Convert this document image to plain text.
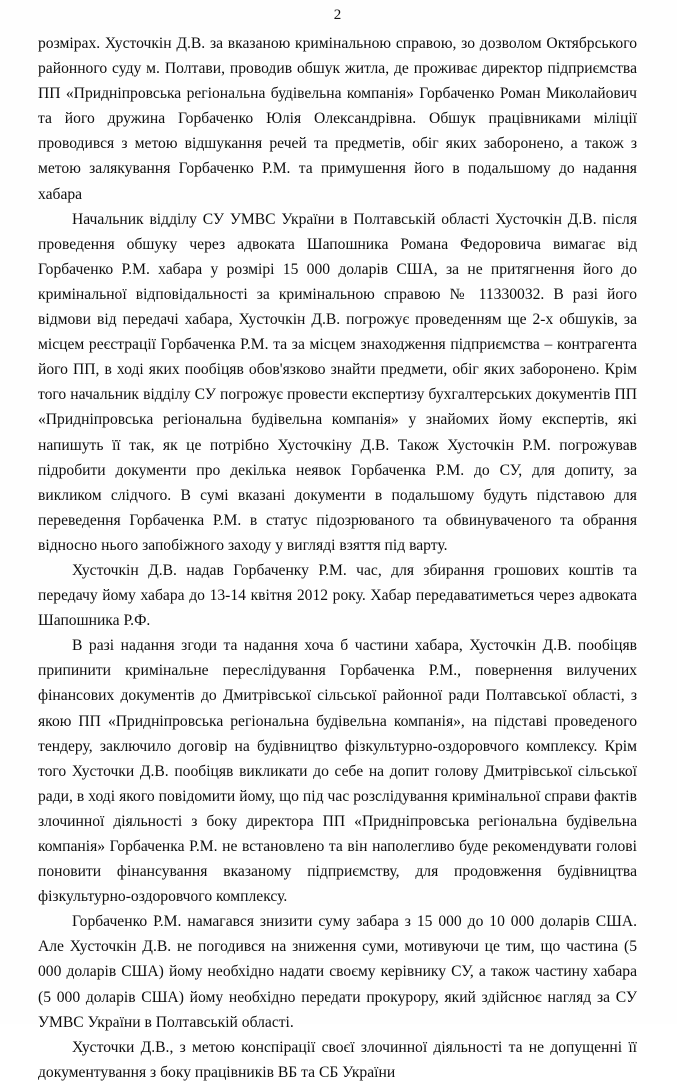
2

розмірах. Хусточкін Д.В. за вказаною кримінальною справою, зо дозволом Октябрського районного суду м. Полтави, проводив обшук житла, де проживає директор підприємства ПП «Придніпровська регіональна будівельна компанія» Горбаченко Роман Миколайович та його дружина Горбаченко Юлія Олександрівна. Обшук працівниками міліції проводився з метою відшукання речей та предметів, обіг яких заборонено, а також з метою залякування Горбаченко Р.М. та примушення його в подальшому до надання хабара

Начальник відділу СУ УМВС України в Полтавській області Хусточкін Д.В. після проведення обшуку через адвоката Шапошника Романа Федоровича вимагає від Горбаченко Р.М. хабара у розмірі 15 000 доларів США, за не притягнення його до кримінальної відповідальності за кримінальною справою № 11330032. В разі його відмови від передачі хабара, Хусточкін Д.В. погрожує проведенням ще 2-х обшуків, за місцем реєстрації Горбаченка Р.М. та за місцем знаходження підприємства – контрагента його ПП, в ході яких пообіцяв обов'язково знайти предмети, обіг яких заборонено. Крім того начальник відділу СУ погрожує провести експертизу бухгалтерських документів ПП «Придніпровська регіональна будівельна компанія» у знайомих йому експертів, які напишуть її так, як це потрібно Хусточкіну Д.В. Також Хусточкін Р.М. погрожував підробити документи про декілька неявок Горбаченка Р.М. до СУ, для допиту, за викликом слідчого. В сумі вказані документи в подальшому будуть підставою для переведення Горбаченка Р.М. в статус підозрюваного та обвинуваченого та обрання відносно нього запобіжного заходу у вигляді взяття під варту.

Хусточкін Д.В. надав Горбаченку Р.М. час, для збирання грошових коштів та передачу йому хабара до 13-14 квітня 2012 року. Хабар передаватиметься через адвоката Шапошника Р.Ф.

В разі надання згоди та надання хоча б частини хабара, Хусточкін Д.В. пообіцяв припинити кримінальне переслідування Горбаченка Р.М., повернення вилучених фінансових документів до Дмитрівської сільської районної ради Полтавської області, з якою ПП «Придніпровська регіональна будівельна компанія», на підставі проведеного тендеру, заключило договір на будівництво фізкультурно-оздоровчого комплексу. Крім того Хусточки Д.В. пообіцяв викликати до себе на допит голову Дмитрівської сільської ради, в ході якого повідомити йому, що під час розслідування кримінальної справи фактів злочинної діяльності з боку директора ПП «Придніпровська регіональна будівельна компанія» Горбаченка Р.М. не встановлено та він наполегливо буде рекомендувати голові поновити фінансування вказаному підприємству, для продовження будівництва фізкультурно-оздоровчого комплексу.

Горбаченко Р.М. намагався знизити суму забара з 15 000 до 10 000 доларів США. Але Хусточкін Д.В. не погодився на зниження суми, мотивуючи це тим, що частина (5 000 доларів США) йому необхідно надати своєму керівнику СУ, а також частину хабара (5 000 доларів США) йому необхідно передати прокурору, який здійснює нагляд за СУ УМВС України в Полтавській області.

Хусточки Д.В., з метою конспірації своєї злочинної діяльності та не допущенні її документування з боку працівників ВБ та СБ України
